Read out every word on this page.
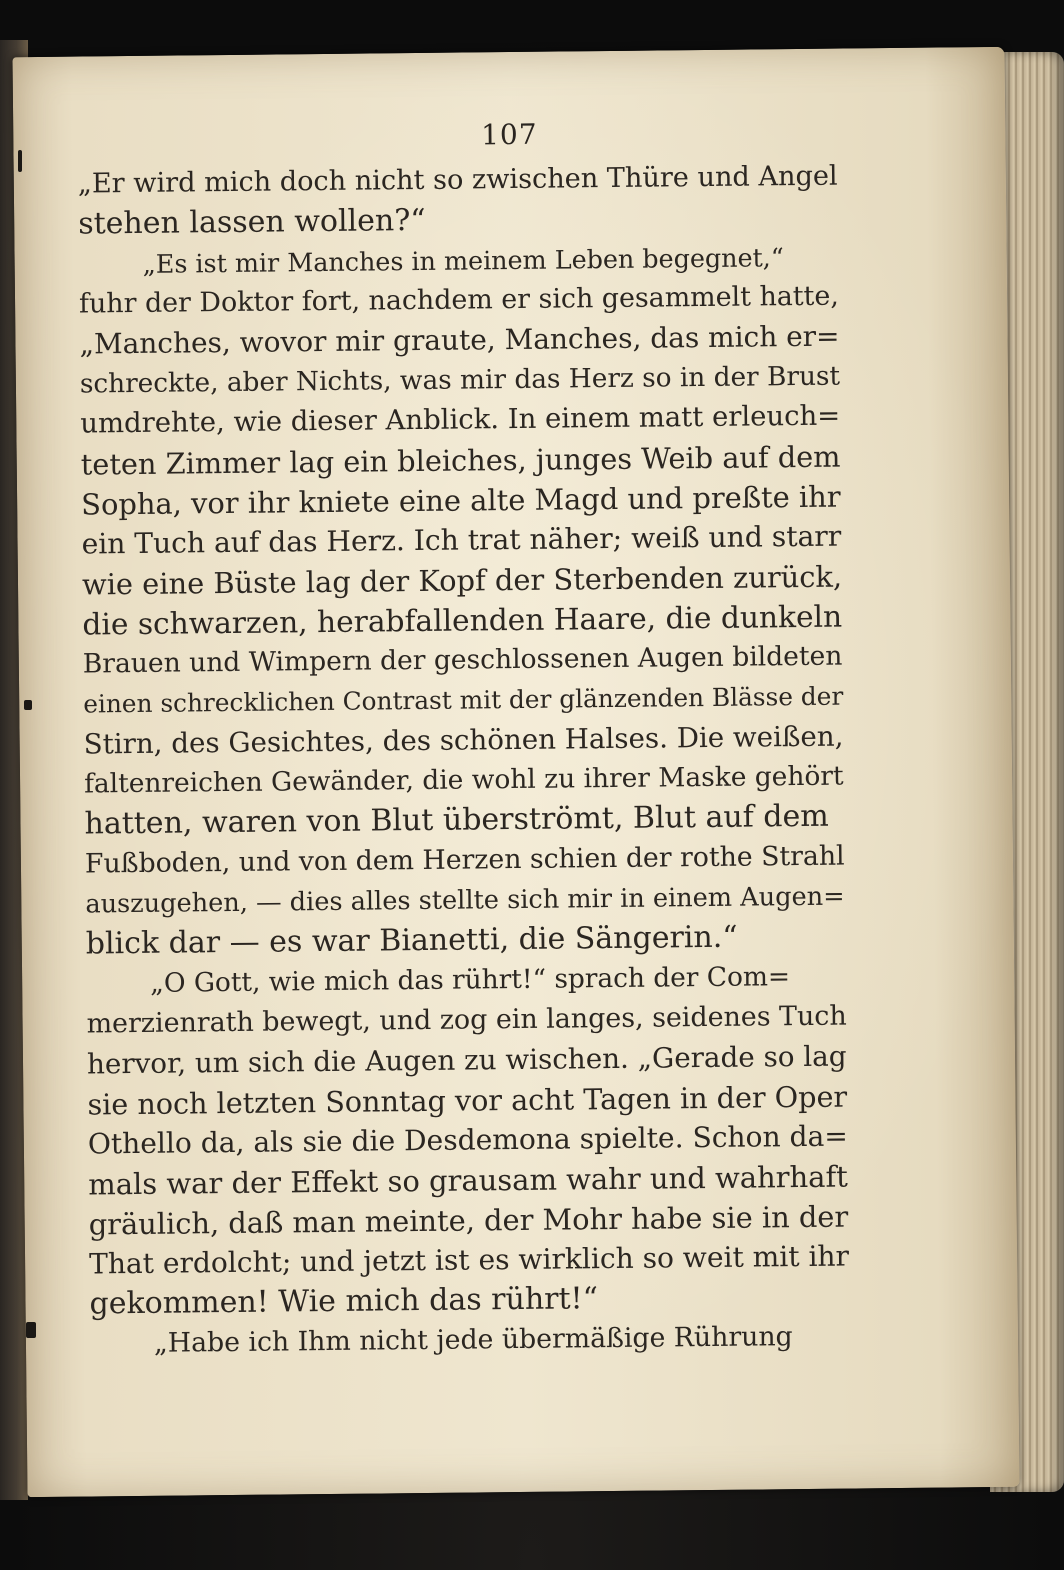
107
„Er wird mich doch nicht so zwischen Thüre und Angel
stehen lassen wollen?“
„Es ist mir Manches in meinem Leben begegnet,“
fuhr der Doktor fort, nachdem er sich gesammelt hatte,
„Manches, wovor mir graute, Manches, das mich er=
schreckte, aber Nichts, was mir das Herz so in der Brust
umdrehte, wie dieser Anblick. In einem matt erleuch=
teten Zimmer lag ein bleiches, junges Weib auf dem
Sopha, vor ihr kniete eine alte Magd und preßte ihr
ein Tuch auf das Herz. Ich trat näher; weiß und starr
wie eine Büste lag der Kopf der Sterbenden zurück,
die schwarzen, herabfallenden Haare, die dunkeln
Brauen und Wimpern der geschlossenen Augen bildeten
einen schrecklichen Contrast mit der glänzenden Blässe der
Stirn, des Gesichtes, des schönen Halses. Die weißen,
faltenreichen Gewänder, die wohl zu ihrer Maske gehört
hatten, waren von Blut überströmt, Blut auf dem
Fußboden, und von dem Herzen schien der rothe Strahl
auszugehen, — dies alles stellte sich mir in einem Augen=
blick dar — es war Bianetti, die Sängerin.“
„O Gott, wie mich das rührt!“ sprach der Com=
merzienrath bewegt, und zog ein langes, seidenes Tuch
hervor, um sich die Augen zu wischen. „Gerade so lag
sie noch letzten Sonntag vor acht Tagen in der Oper
Othello da, als sie die Desdemona spielte. Schon da=
mals war der Effekt so grausam wahr und wahrhaft
gräulich, daß man meinte, der Mohr habe sie in der
That erdolcht; und jetzt ist es wirklich so weit mit ihr
gekommen! Wie mich das rührt!“
„Habe ich Ihm nicht jede übermäßige Rührung
